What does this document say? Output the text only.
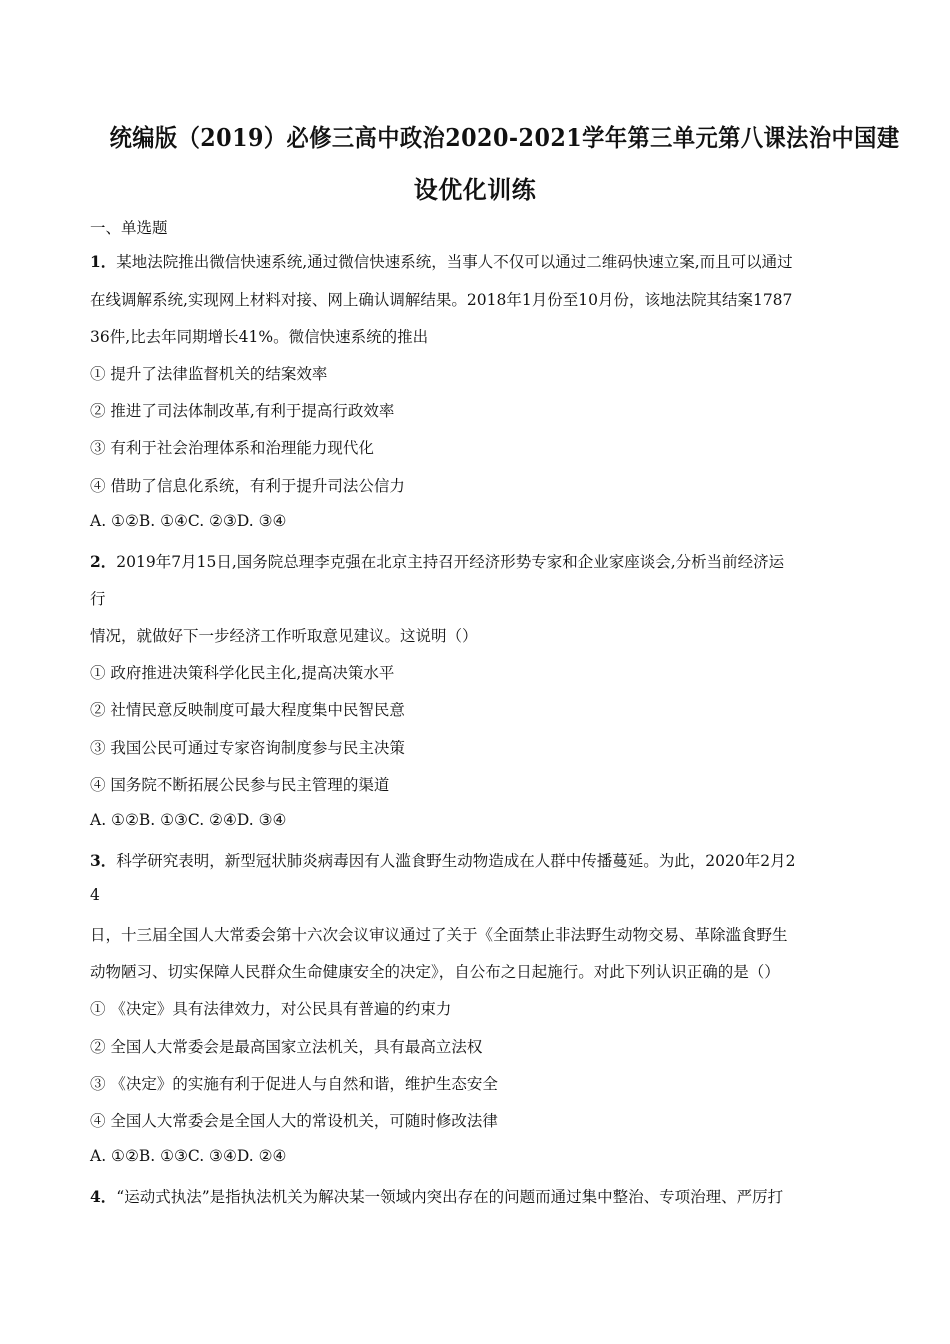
统编版（2019）必修三高中政治2020-2021学年第三单元第八课法治中国建
设优化训练
一、单选题
1．某地法院推出微信快速系统,通过微信快速系统，当事人不仅可以通过二维码快速立案,而且可以通过
在线调解系统,实现网上材料对接、网上确认调解结果。2018年1月份至10月份，该地法院其结案1787
36件,比去年同期增长41%。微信快速系统的推出
① 提升了法律监督机关的结案效率
② 推进了司法体制改革,有利于提高行政效率
③ 有利于社会治理体系和治理能力现代化
④ 借助了信息化系统，有利于提升司法公信力
A. ①②B. ①④C. ②③D. ③④
2．2019年7月15日,国务院总理李克强在北京主持召开经济形势专家和企业家座谈会,分析当前经济运
行
情况，就做好下一步经济工作听取意见建议。这说明（）
① 政府推进决策科学化民主化,提高决策水平
② 社情民意反映制度可最大程度集中民智民意
③ 我国公民可通过专家咨询制度参与民主决策
④ 国务院不断拓展公民参与民主管理的渠道
A. ①②B. ①③C. ②④D. ③④
3．科学研究表明，新型冠状肺炎病毒因有人滥食野生动物造成在人群中传播蔓延。为此，2020年2月2
4
日，十三届全国人大常委会第十六次会议审议通过了关于《全面禁止非法野生动物交易、革除滥食野生
动物陋习、切实保障人民群众生命健康安全的决定》，自公布之日起施行。对此下列认识正确的是（）
① 《决定》具有法律效力，对公民具有普遍的约束力
② 全国人大常委会是最高国家立法机关，具有最高立法权
③ 《决定》的实施有利于促进人与自然和谐，维护生态安全
④ 全国人大常委会是全国人大的常设机关，可随时修改法律
A. ①②B. ①③C. ③④D. ②④
4．“运动式执法”是指执法机关为解决某一领域内突出存在的问题而通过集中整治、专项治理、严厉打
